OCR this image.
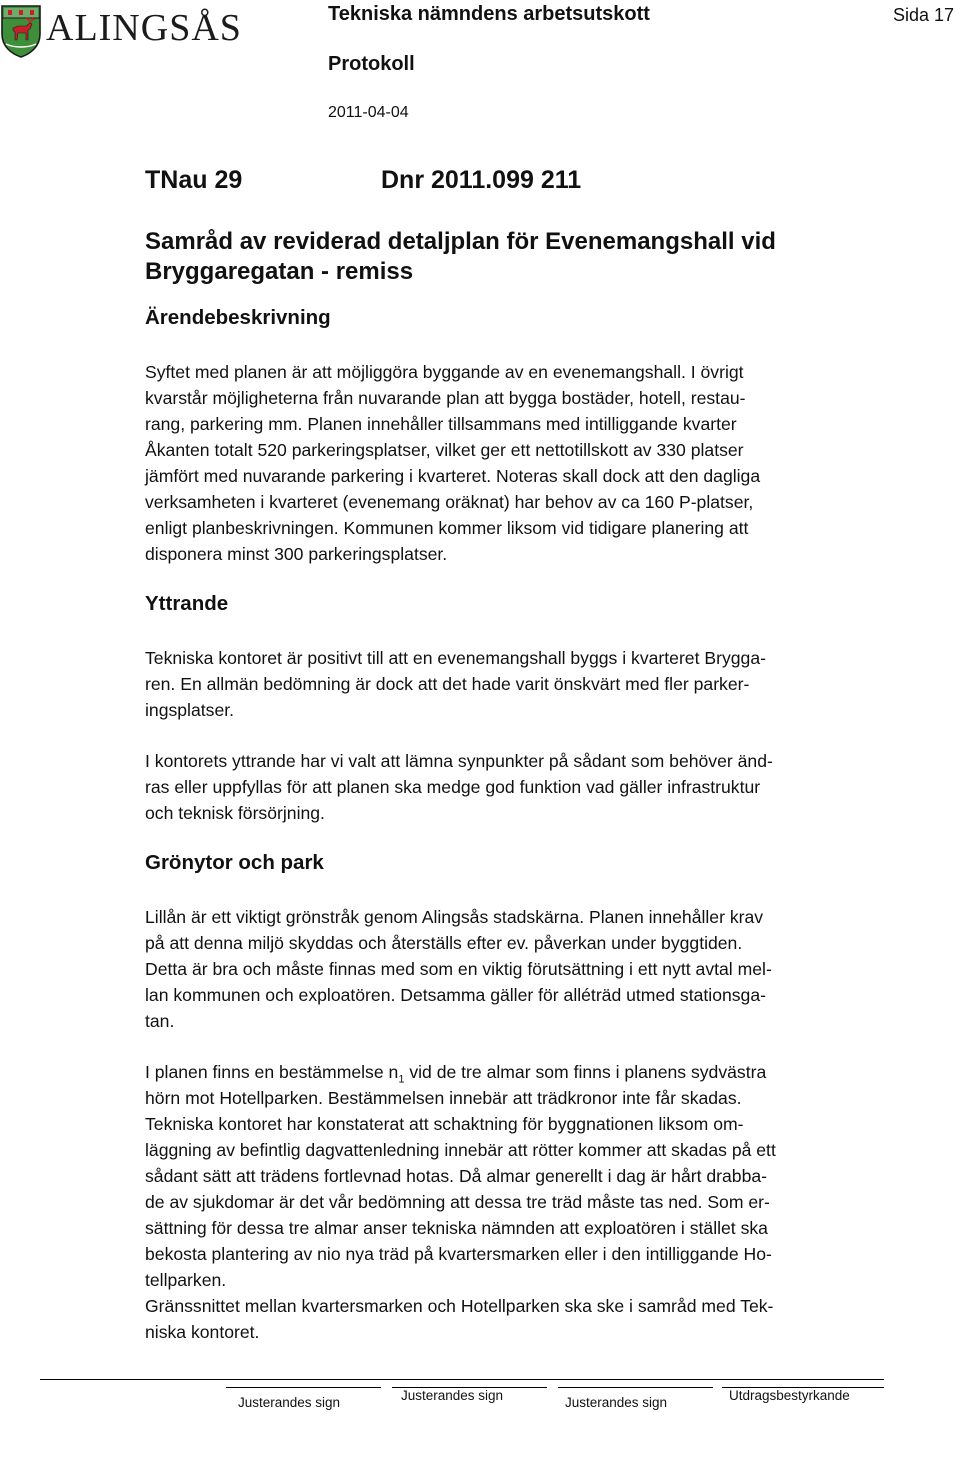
ALINGSÅS	Tekniska nämndens arbetsutskott	Sida 17
Protokoll
2011-04-04
TNau 29	Dnr 2011.099 211
Samråd av reviderad detaljplan för Evenemangshall vid
Bryggaregatan - remiss
Ärendebeskrivning

Syftet med planen är att möjliggöra byggande av en evenemangshall. I övrigt
kvarstår möjligheterna från nuvarande plan att bygga bostäder, hotell, restau-
rang, parkering mm. Planen innehåller tillsammans med intilliggande kvarter
Åkanten totalt 520 parkeringsplatser, vilket ger ett nettotillskott av 330 platser
jämfört med nuvarande parkering i kvarteret. Noteras skall dock att den dagliga
verksamheten i kvarteret (evenemang oräknat) har behov av ca 160 P-platser,
enligt planbeskrivningen. Kommunen kommer liksom vid tidigare planering att
disponera minst 300 parkeringsplatser.

Yttrande

Tekniska kontoret är positivt till att en evenemangshall byggs i kvarteret Brygga-
ren. En allmän bedömning är dock att det hade varit önskvärt med fler parker-
ingsplatser.

I kontorets yttrande har vi valt att lämna synpunkter på sådant som behöver änd-
ras eller uppfyllas för att planen ska medge god funktion vad gäller infrastruktur
och teknisk försörjning.

Grönytor och park

Lillån är ett viktigt grönstråk genom Alingsås stadskärna. Planen innehåller krav
på att denna miljö skyddas och återställs efter ev. påverkan under byggtiden.
Detta är bra och måste finnas med som en viktig förutsättning i ett nytt avtal mel-
lan kommunen och exploatören. Detsamma gäller för alléträd utmed stationsga-
tan.

I planen finns en bestämmelse $n_1$ vid de tre almar som finns i planens sydvästra
hörn mot Hotellparken. Bestämmelsen innebär att trädkronor inte får skadas.
Tekniska kontoret har konstaterat att schaktning för byggnationen liksom om-
läggning av befintlig dagvattenledning innebär att rötter kommer att skadas på ett
sådant sätt att trädens fortlevnad hotas. Då almar generellt i dag är hårt drabba-
de av sjukdomar är det vår bedömning att dessa tre träd måste tas ned. Som er-
sättning för dessa tre almar anser tekniska nämnden att exploatören i stället ska
bekosta plantering av nio nya träd på kvartersmarken eller i den intilliggande Ho-
tellparken.
Gränssnittet mellan kvartersmarken och Hotellparken ska ske i samråd med Tek-
niska kontoret.

Justerandes sign	Justerandes sign	Justerandes sign	Utdragsbestyrkande
